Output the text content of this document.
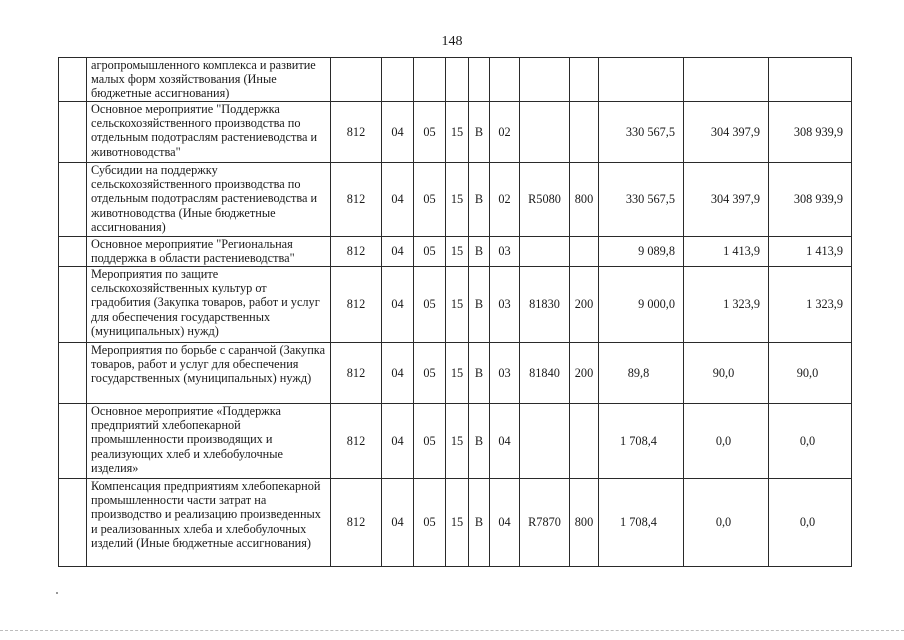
148
	агропромышленного комплекса и развитие малых форм хозяйствования (Иные бюджетные ассигнования)											
	Основное мероприятие "Поддержка сельскохозяйственного производства по отдельным подотраслям растениеводства и животноводства"	812	04	05	15	В	02			330 567,5	304 397,9	308 939,9
	Субсидии на поддержку сельскохозяйственного производства по отдельным подотраслям растениеводства и животноводства (Иные бюджетные ассигнования)	812	04	05	15	В	02	R5080	800	330 567,5	304 397,9	308 939,9
	Основное мероприятие "Региональная поддержка в области растениеводства"	812	04	05	15	В	03			9 089,8	1 413,9	1 413,9
	Мероприятия по защите сельскохозяйственных культур от градобития (Закупка товаров, работ и услуг для обеспечения государственных (муниципальных) нужд)	812	04	05	15	В	03	81830	200	9 000,0	1 323,9	1 323,9
	Мероприятия по борьбе с саранчой (Закупка товаров, работ и услуг для обеспечения государственных (муниципальных) нужд)	812	04	05	15	В	03	81840	200	89,8	90,0	90,0
	Основное мероприятие «Поддержка предприятий хлебопекарной промышленности производящих и реализующих хлеб и хлебобулочные изделия»	812	04	05	15	В	04			1 708,4	0,0	0,0
	Компенсация предприятиям хлебопекарной промышленности части затрат на производство и реализацию произведенных и реализованных хлеба и хлебобулочных изделий (Иные бюджетные ассигнования)	812	04	05	15	В	04	R7870	800	1 708,4	0,0	0,0
